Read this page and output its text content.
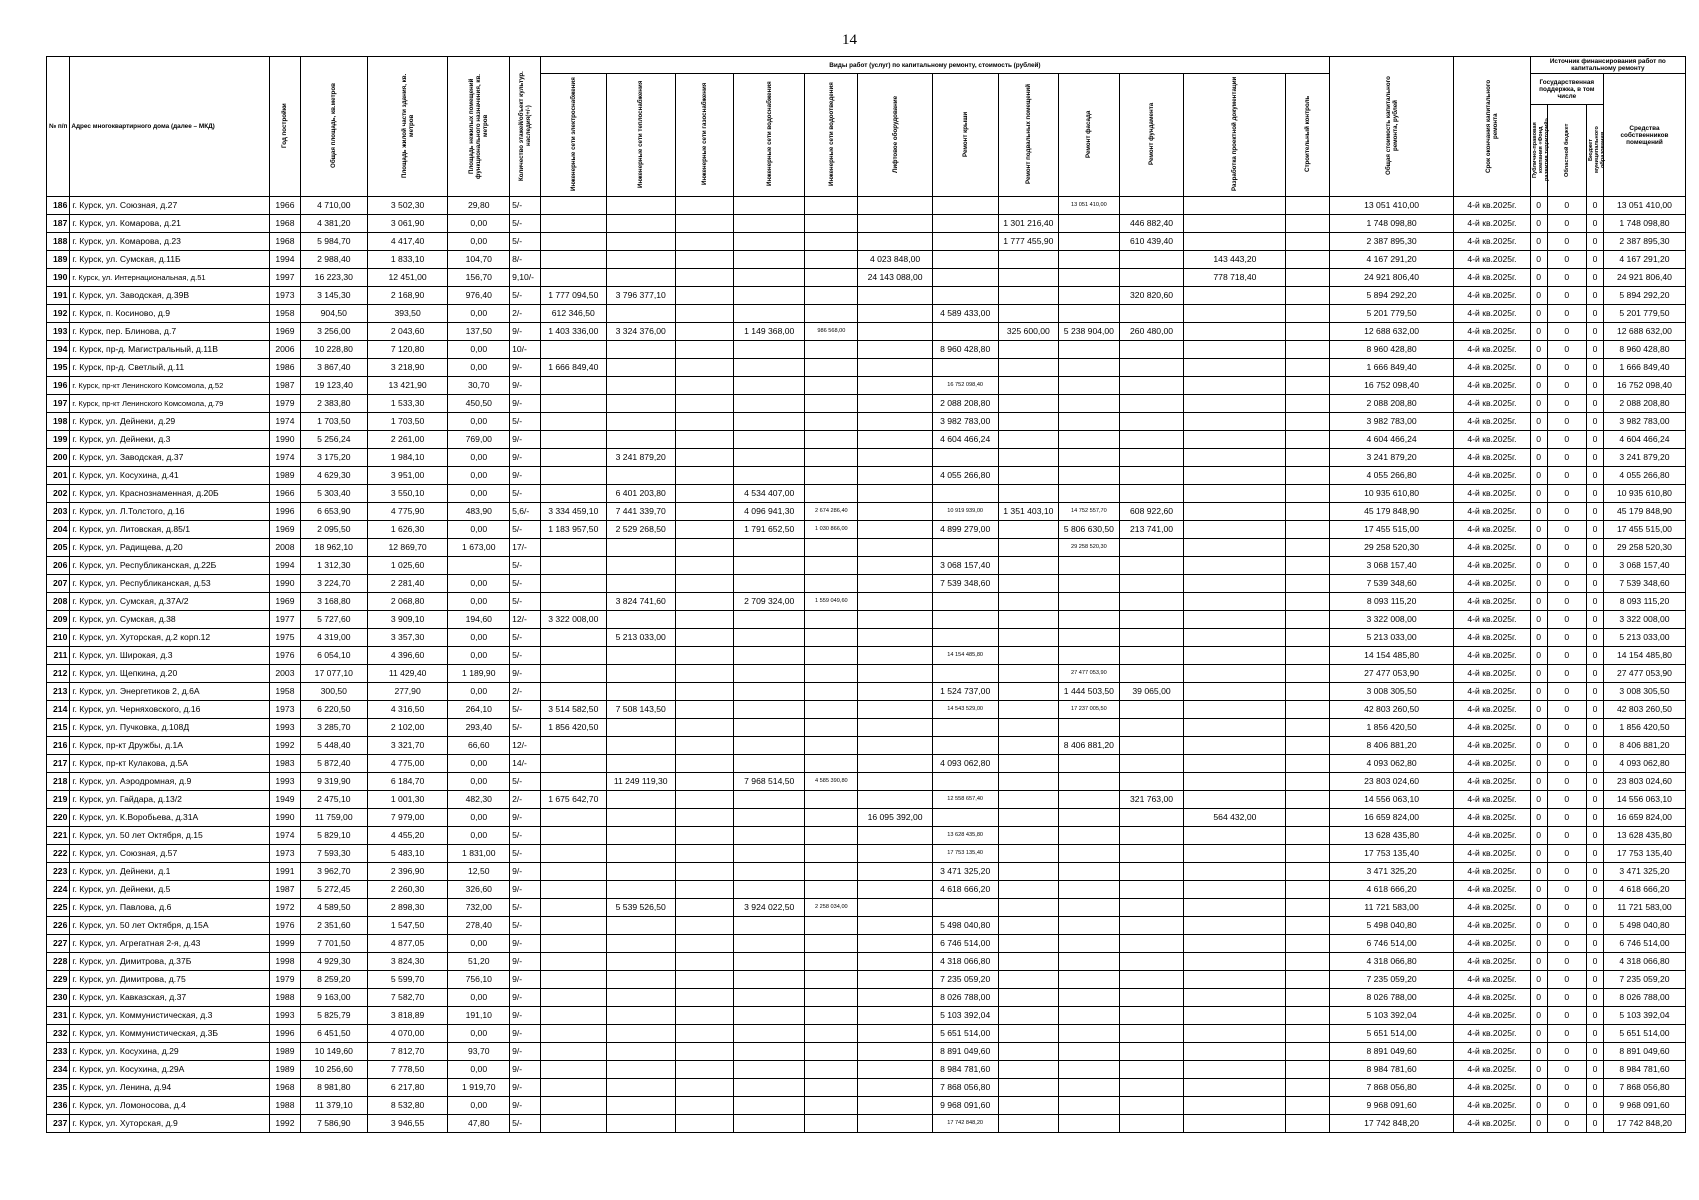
14
№ п/п	Адрес многоквартирного дома (далее – МКД)	Год постройки	Общая площадь, кв.метров	Площадь жилой части здания, кв. метров	Площадь нежилых помещений функционального назначения, кв. метров	Количество этажей/объект культур. наследия(+/-)	Виды работ (услуг) по капитальному ремонту, стоимость (рублей)												Общая стоимость капитального ремонта, рублей	Срок окончания капитального ремонта	Источник финансирования работ по капитальному ремонту			
							Инженерные сети электроснабжения	Инженерные сети теплоснабжения	Инженерные сети газоснабжения	Инженерные сети водоснабжения	Инженерные сети водоотведения	Лифтовое оборудование	Ремонт крыши	Ремонт подвальных помещений	Ремонт фасада	Ремонт фундамента	Разработка проектной документации	Строительный контроль			Государственная поддержка, в том числе			Средства собственников помещений
																					Публично-правовая компания «Фонд развития территорий»	Областной бюджет	Бюджет муниципального образования	
186	г. Курск, ул. Союзная, д.27	1966	4 710,00	3 502,30	29,80	5/-									13 051 410,00				13 051 410,00	4-й кв.2025г.	0	0	0	13 051 410,00
187	г. Курск, ул. Комарова, д.21	1968	4 381,20	3 061,90	0,00	5/-								1 301 216,40		446 882,40			1 748 098,80	4-й кв.2025г.	0	0	0	1 748 098,80
188	г. Курск, ул. Комарова, д.23	1968	5 984,70	4 417,40	0,00	5/-								1 777 455,90		610 439,40			2 387 895,30	4-й кв.2025г.	0	0	0	2 387 895,30
189	г. Курск, ул. Сумская, д.11Б	1994	2 988,40	1 833,10	104,70	8/-						4 023 848,00					143 443,20		4 167 291,20	4-й кв.2025г.	0	0	0	4 167 291,20
190	г. Курск, ул. Интернациональная, д.51	1997	16 223,30	12 451,00	156,70	9,10/-						24 143 088,00					778 718,40		24 921 806,40	4-й кв.2025г.	0	0	0	24 921 806,40
191	г. Курск, ул. Заводская, д.39В	1973	3 145,30	2 168,90	976,40	5/-	1 777 094,50	3 796 377,10								320 820,60			5 894 292,20	4-й кв.2025г.	0	0	0	5 894 292,20
192	г. Курск, п. Косиново, д.9	1958	904,50	393,50	0,00	2/-	612 346,50						4 589 433,00						5 201 779,50	4-й кв.2025г.	0	0	0	5 201 779,50
193	г. Курск, пер. Блинова, д.7	1969	3 256,00	2 043,60	137,50	9/-	1 403 336,00	3 324 376,00		1 149 368,00	986 568,00			325 600,00	5 238 904,00	260 480,00			12 688 632,00	4-й кв.2025г.	0	0	0	12 688 632,00
194	г. Курск, пр-д. Магистральный, д.11В	2006	10 228,80	7 120,80	0,00	10/-							8 960 428,80						8 960 428,80	4-й кв.2025г.	0	0	0	8 960 428,80
195	г. Курск, пр-д. Светлый, д.11	1986	3 867,40	3 218,90	0,00	9/-	1 666 849,40												1 666 849,40	4-й кв.2025г.	0	0	0	1 666 849,40
196	г. Курск, пр-кт Ленинского Комсомола, д.52	1987	19 123,40	13 421,90	30,70	9/-							16 752 098,40						16 752 098,40	4-й кв.2025г.	0	0	0	16 752 098,40
197	г. Курск, пр-кт Ленинского Комсомола, д.79	1979	2 383,80	1 533,30	450,50	9/-							2 088 208,80						2 088 208,80	4-й кв.2025г.	0	0	0	2 088 208,80
198	г. Курск, ул. Дейнеки, д.29	1974	1 703,50	1 703,50	0,00	5/-							3 982 783,00						3 982 783,00	4-й кв.2025г.	0	0	0	3 982 783,00
199	г. Курск, ул. Дейнеки, д.3	1990	5 256,24	2 261,00	769,00	9/-							4 604 466,24						4 604 466,24	4-й кв.2025г.	0	0	0	4 604 466,24
200	г. Курск, ул. Заводская, д.37	1974	3 175,20	1 984,10	0,00	9/-		3 241 879,20											3 241 879,20	4-й кв.2025г.	0	0	0	3 241 879,20
201	г. Курск, ул. Косухина, д.41	1989	4 629,30	3 951,00	0,00	9/-							4 055 266,80						4 055 266,80	4-й кв.2025г.	0	0	0	4 055 266,80
202	г. Курск, ул. Краснознаменная, д.20Б	1966	5 303,40	3 550,10	0,00	5/-		6 401 203,80		4 534 407,00									10 935 610,80	4-й кв.2025г.	0	0	0	10 935 610,80
203	г. Курск, ул. Л.Толстого, д.16	1996	6 653,90	4 775,90	483,90	5,6/-	3 334 459,10	7 441 339,70		4 096 941,30	2 674 286,40		10 919 939,00	1 351 403,10	14 752 557,70	608 922,60			45 179 848,90	4-й кв.2025г.	0	0	0	45 179 848,90
204	г. Курск, ул. Литовская, д.85/1	1969	2 095,50	1 626,30	0,00	5/-	1 183 957,50	2 529 268,50		1 791 652,50	1 030 866,00		4 899 279,00		5 806 630,50	213 741,00			17 455 515,00	4-й кв.2025г.	0	0	0	17 455 515,00
205	г. Курск, ул. Радищева, д.20	2008	18 962,10	12 869,70	1 673,00	17/-									29 258 520,30				29 258 520,30	4-й кв.2025г.	0	0	0	29 258 520,30
206	г. Курск, ул. Республиканская, д.22Б	1994	1 312,30	1 025,60		5/-							3 068 157,40						3 068 157,40	4-й кв.2025г.	0	0	0	3 068 157,40
207	г. Курск, ул. Республиканская, д.53	1990	3 224,70	2 281,40	0,00	5/-							7 539 348,60						7 539 348,60	4-й кв.2025г.	0	0	0	7 539 348,60
208	г. Курск, ул. Сумская, д.37А/2	1969	3 168,80	2 068,80	0,00	5/-		3 824 741,60		2 709 324,00	1 559 049,60								8 093 115,20	4-й кв.2025г.	0	0	0	8 093 115,20
209	г. Курск, ул. Сумская, д.38	1977	5 727,60	3 909,10	194,60	12/-	3 322 008,00												3 322 008,00	4-й кв.2025г.	0	0	0	3 322 008,00
210	г. Курск, ул. Хуторская, д.2 корп.12	1975	4 319,00	3 357,30	0,00	5/-		5 213 033,00											5 213 033,00	4-й кв.2025г.	0	0	0	5 213 033,00
211	г. Курск, ул. Широкая, д.3	1976	6 054,10	4 396,60	0,00	5/-							14 154 485,80						14 154 485,80	4-й кв.2025г.	0	0	0	14 154 485,80
212	г. Курск, ул. Щепкина, д.20	2003	17 077,10	11 429,40	1 189,90	9/-									27 477 053,90				27 477 053,90	4-й кв.2025г.	0	0	0	27 477 053,90
213	г. Курск, ул. Энергетиков 2, д.6А	1958	300,50	277,90	0,00	2/-							1 524 737,00		1 444 503,50	39 065,00			3 008 305,50	4-й кв.2025г.	0	0	0	3 008 305,50
214	г. Курск, ул. Черняховского, д.16	1973	6 220,50	4 316,50	264,10	5/-	3 514 582,50	7 508 143,50					14 543 529,00		17 237 005,50				42 803 260,50	4-й кв.2025г.	0	0	0	42 803 260,50
215	г. Курск, ул. Пучковка, д.108Д	1993	3 285,70	2 102,00	293,40	5/-	1 856 420,50												1 856 420,50	4-й кв.2025г.	0	0	0	1 856 420,50
216	г. Курск, пр-кт Дружбы, д.1А	1992	5 448,40	3 321,70	66,60	12/-									8 406 881,20				8 406 881,20	4-й кв.2025г.	0	0	0	8 406 881,20
217	г. Курск, пр-кт Кулакова, д.5А	1983	5 872,40	4 775,00	0,00	14/-							4 093 062,80						4 093 062,80	4-й кв.2025г.	0	0	0	4 093 062,80
218	г. Курск, ул. Аэродромная, д.9	1993	9 319,90	6 184,70	0,00	5/-		11 249 119,30		7 968 514,50	4 585 390,80								23 803 024,60	4-й кв.2025г.	0	0	0	23 803 024,60
219	г. Курск, ул. Гайдара, д.13/2	1949	2 475,10	1 001,30	482,30	2/-	1 675 642,70						12 558 657,40			321 763,00			14 556 063,10	4-й кв.2025г.	0	0	0	14 556 063,10
220	г. Курск, ул. К.Воробьева, д.31А	1990	11 759,00	7 979,00	0,00	9/-						16 095 392,00					564 432,00		16 659 824,00	4-й кв.2025г.	0	0	0	16 659 824,00
221	г. Курск, ул. 50 лет Октября, д.15	1974	5 829,10	4 455,20	0,00	5/-							13 628 435,80						13 628 435,80	4-й кв.2025г.	0	0	0	13 628 435,80
222	г. Курск, ул. Союзная, д.57	1973	7 593,30	5 483,10	1 831,00	5/-							17 753 135,40						17 753 135,40	4-й кв.2025г.	0	0	0	17 753 135,40
223	г. Курск, ул. Дейнеки, д.1	1991	3 962,70	2 396,90	12,50	9/-							3 471 325,20						3 471 325,20	4-й кв.2025г.	0	0	0	3 471 325,20
224	г. Курск, ул. Дейнеки, д.5	1987	5 272,45	2 260,30	326,60	9/-							4 618 666,20						4 618 666,20	4-й кв.2025г.	0	0	0	4 618 666,20
225	г. Курск, ул. Павлова, д.6	1972	4 589,50	2 898,30	732,00	5/-		5 539 526,50		3 924 022,50	2 258 034,00								11 721 583,00	4-й кв.2025г.	0	0	0	11 721 583,00
226	г. Курск, ул. 50 лет Октября, д.15А	1976	2 351,60	1 547,50	278,40	5/-							5 498 040,80						5 498 040,80	4-й кв.2025г.	0	0	0	5 498 040,80
227	г. Курск, ул. Агрегатная 2-я, д.43	1999	7 701,50	4 877,05	0,00	9/-							6 746 514,00						6 746 514,00	4-й кв.2025г.	0	0	0	6 746 514,00
228	г. Курск, ул. Димитрова, д.37Б	1998	4 929,30	3 824,30	51,20	9/-							4 318 066,80						4 318 066,80	4-й кв.2025г.	0	0	0	4 318 066,80
229	г. Курск, ул. Димитрова, д.75	1979	8 259,20	5 599,70	756,10	9/-							7 235 059,20						7 235 059,20	4-й кв.2025г.	0	0	0	7 235 059,20
230	г. Курск, ул. Кавказская, д.37	1988	9 163,00	7 582,70	0,00	9/-							8 026 788,00						8 026 788,00	4-й кв.2025г.	0	0	0	8 026 788,00
231	г. Курск, ул. Коммунистическая, д.3	1993	5 825,79	3 818,89	191,10	9/-							5 103 392,04						5 103 392,04	4-й кв.2025г.	0	0	0	5 103 392,04
232	г. Курск, ул. Коммунистическая, д.3Б	1996	6 451,50	4 070,00	0,00	9/-							5 651 514,00						5 651 514,00	4-й кв.2025г.	0	0	0	5 651 514,00
233	г. Курск, ул. Косухина, д.29	1989	10 149,60	7 812,70	93,70	9/-							8 891 049,60						8 891 049,60	4-й кв.2025г.	0	0	0	8 891 049,60
234	г. Курск, ул. Косухина, д.29А	1989	10 256,60	7 778,50	0,00	9/-							8 984 781,60						8 984 781,60	4-й кв.2025г.	0	0	0	8 984 781,60
235	г. Курск, ул. Ленина, д.94	1968	8 981,80	6 217,80	1 919,70	9/-							7 868 056,80						7 868 056,80	4-й кв.2025г.	0	0	0	7 868 056,80
236	г. Курск, ул. Ломоносова, д.4	1988	11 379,10	8 532,80	0,00	9/-							9 968 091,60						9 968 091,60	4-й кв.2025г.	0	0	0	9 968 091,60
237	г. Курск, ул. Хуторская, д.9	1992	7 586,90	3 946,55	47,80	5/-							17 742 848,20						17 742 848,20	4-й кв.2025г.	0	0	0	17 742 848,20
